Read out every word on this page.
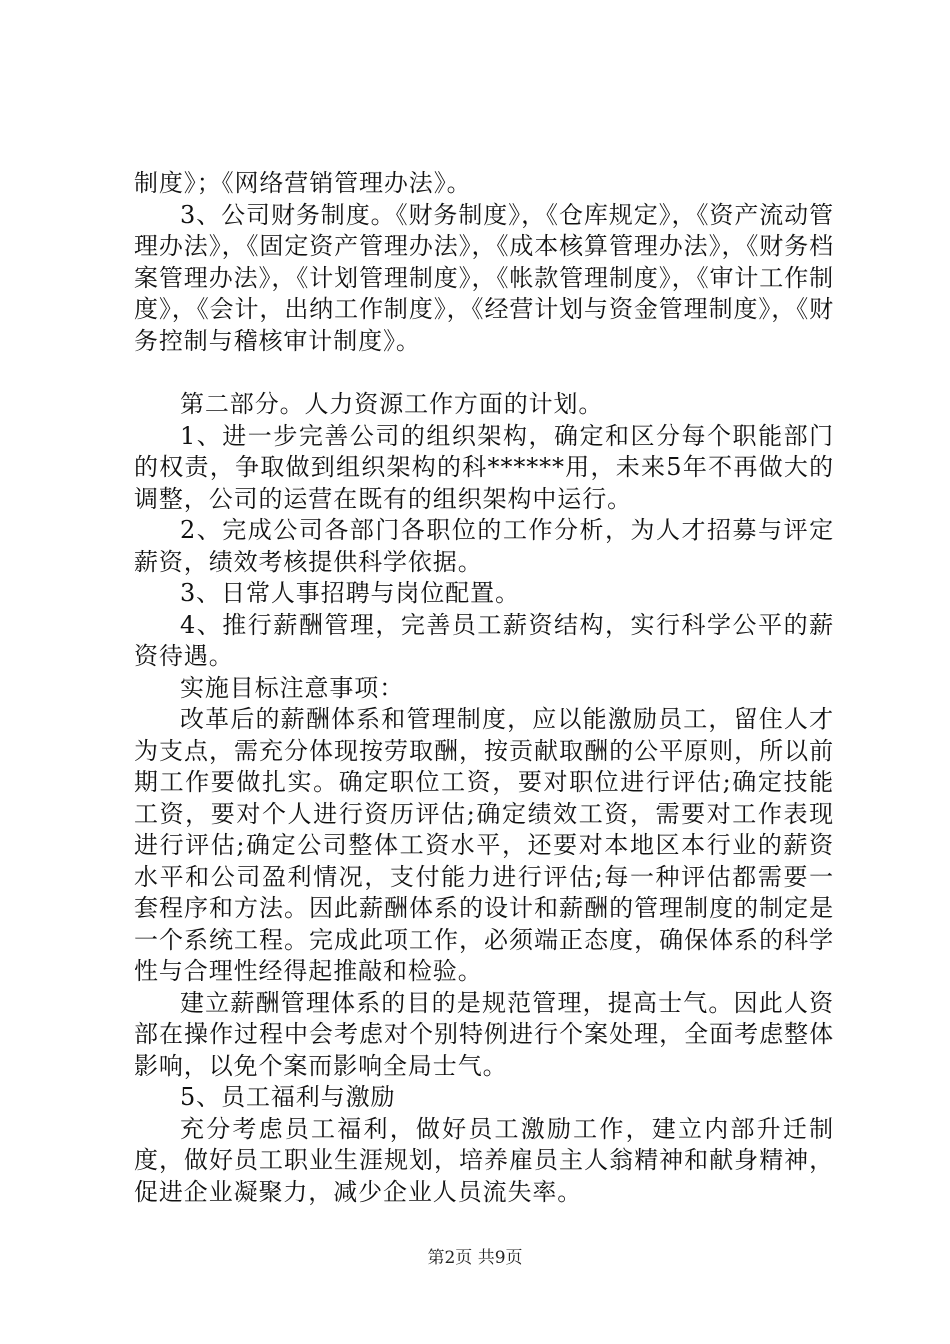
制度》；《网络营销管理办法》。

3、公司财务制度。《财务制度》，《仓库规定》，《资产流动管理办法》，《固定资产管理办法》，《成本核算管理办法》，《财务档案管理办法》，《计划管理制度》，《帐款管理制度》，《审计工作制度》，《会计，出纳工作制度》，《经营计划与资金管理制度》，《财务控制与稽核审计制度》。

第二部分。人力资源工作方面的计划。

1、进一步完善公司的组织架构，确定和区分每个职能部门的权责，争取做到组织架构的科******用，未来5年不再做大的调整，公司的运营在既有的组织架构中运行。

2、完成公司各部门各职位的工作分析，为人才招募与评定薪资，绩效考核提供科学依据。

3、日常人事招聘与岗位配置。

4、推行薪酬管理，完善员工薪资结构，实行科学公平的薪资待遇。

实施目标注意事项：

改革后的薪酬体系和管理制度，应以能激励员工，留住人才为支点，需充分体现按劳取酬，按贡献取酬的公平原则，所以前期工作要做扎实。确定职位工资，要对职位进行评估;确定技能工资，要对个人进行资历评估;确定绩效工资，需要对工作表现进行评估;确定公司整体工资水平，还要对本地区本行业的薪资水平和公司盈利情况，支付能力进行评估;每一种评估都需要一套程序和方法。因此薪酬体系的设计和薪酬的管理制度的制定是一个系统工程。完成此项工作，必须端正态度，确保体系的科学性与合理性经得起推敲和检验。

建立薪酬管理体系的目的是规范管理，提高士气。因此人资部在操作过程中会考虑对个别特例进行个案处理，全面考虑整体影响，以免个案而影响全局士气。

5、员工福利与激励

充分考虑员工福利，做好员工激励工作，建立内部升迁制度，做好员工职业生涯规划，培养雇员主人翁精神和献身精神，促进企业凝聚力，减少企业人员流失率。

第2页 共9页
